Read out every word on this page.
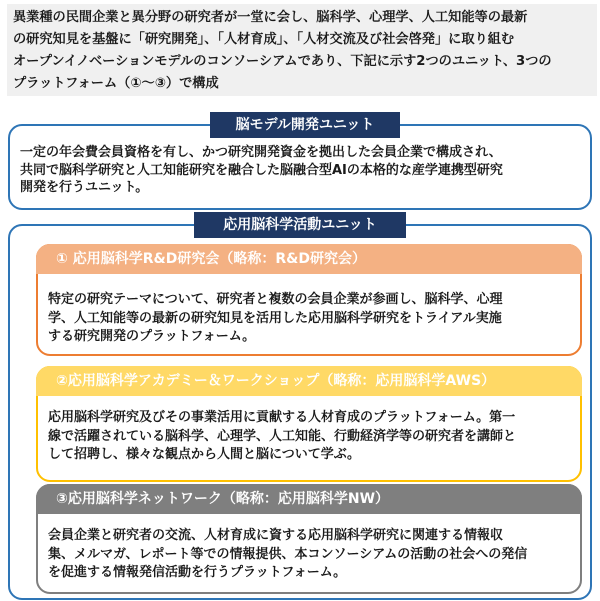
異業種の民間企業と異分野の研究者が一堂に会し、脳科学、心理学、人工知能等の最新
の研究知見を基盤に「研究開発」、「人材育成」、「人材交流及び社会啓発」に取り組む
オープンイノベーションモデルのコンソーシアムであり、下記に示す2つのユニット、3つの
プラットフォーム（①～③）で構成
脳モデル開発ユニット
一定の年会費会員資格を有し、かつ研究開発資金を拠出した会員企業で構成され、
共同で脳科学研究と人工知能研究を融合した脳融合型AIの本格的な産学連携型研究
開発を行うユニット。
応用脳科学活動ユニット
① 応用脳科学R&D研究会（略称：R&D研究会）
特定の研究テーマについて、研究者と複数の会員企業が参画し、脳科学、心理
学、人工知能等の最新の研究知見を活用した応用脳科学研究をトライアル実施
する研究開発のプラットフォーム。
②応用脳科学アカデミー＆ワークショップ（略称：応用脳科学AWS）
応用脳科学研究及びその事業活用に貢献する人材育成のプラットフォーム。第一
線で活躍されている脳科学、心理学、人工知能、行動経済学等の研究者を講師と
して招聘し、様々な観点から人間と脳について学ぶ。
③応用脳科学ネットワーク（略称：応用脳科学NW）
会員企業と研究者の交流、人材育成に資する応用脳科学研究に関連する情報収
集、メルマガ、レポート等での情報提供、本コンソーシアムの活動の社会への発信
を促進する情報発信活動を行うプラットフォーム。
